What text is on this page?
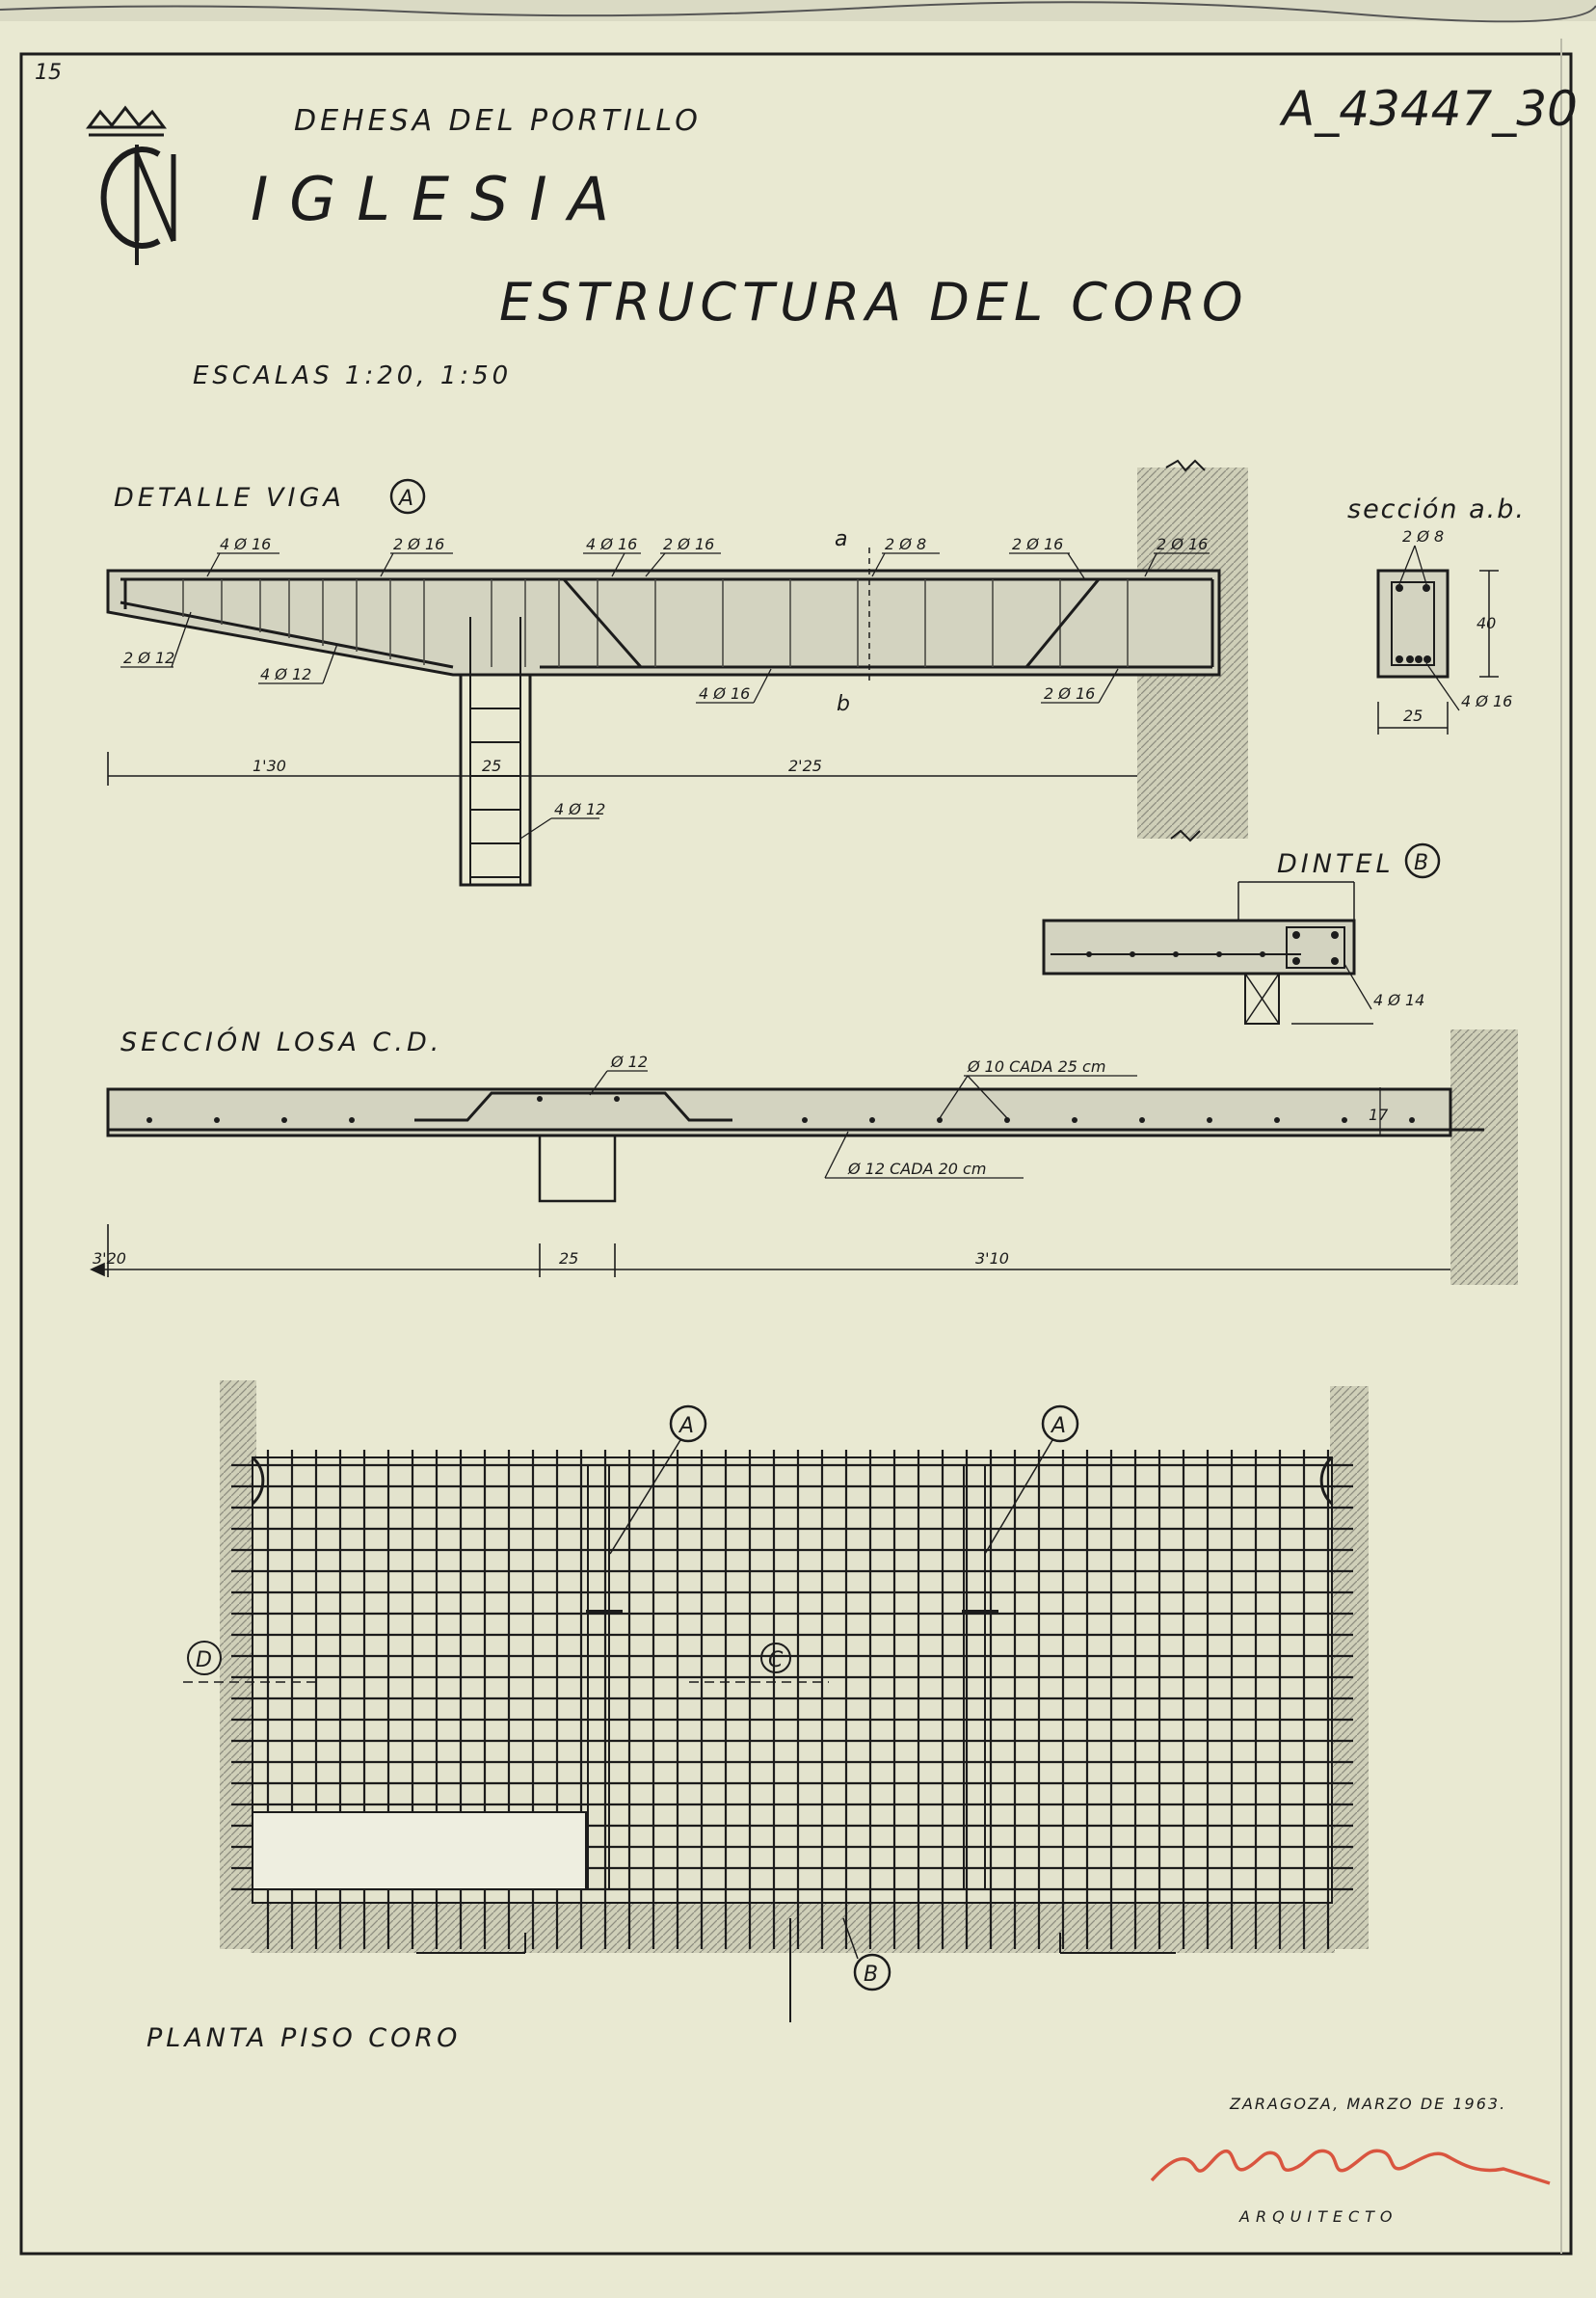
15
A_43447_30
DEHESA DEL PORTILLO
IGLESIA
ESTRUCTURA DEL CORO
ESCALAS 1:20, 1:50
DETALLE VIGA	A
a
b
4 Ø 16	2 Ø 16	4 Ø 16 2 Ø 16	2 Ø 8	2 Ø 16	2 Ø 16
2 Ø 12
4 Ø 12
4 Ø 16	2 Ø 16
4 Ø 12
1'30	25	2'25
sección a.b.
2 Ø 8
40
25
4 Ø 16
DINTEL B
4 Ø 14
SECCIÓN LOSA C.D.
Ø 12	Ø 10 CADA 25 cm
Ø 12 CADA 20 cm
17
3'20	25	3'10
A	A
B
C
D
PLANTA PISO CORO
ZARAGOZA, MARZO DE 1963.
ARQUITECTO
